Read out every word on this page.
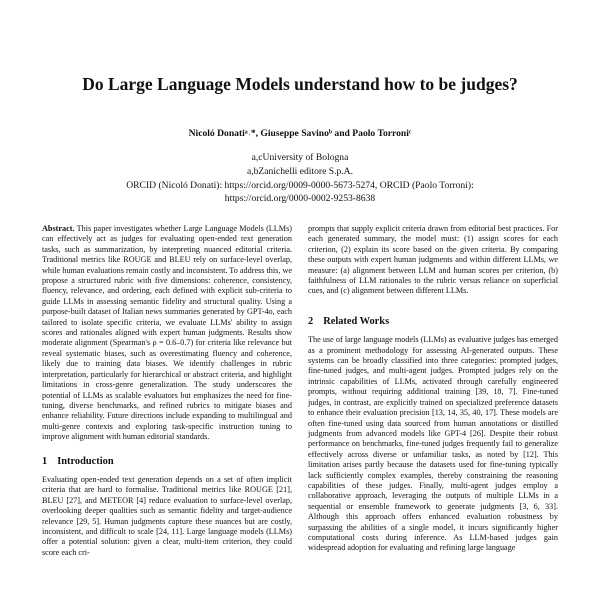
Do Large Language Models understand how to be judges?
Nicoló Donatiᵃ˒*, Giuseppe Savinoᵇ and Paolo Torroniᶜ
a,cUniversity of Bologna
a,bZanichelli editore S.p.A.
ORCID (Nicoló Donati): https://orcid.org/0009-0000-5673-5274, ORCID (Paolo Torroni):
https://orcid.org/0000-0002-9253-8638

Abstract. This paper investigates whether Large Language Models (LLMs) can effectively act as judges for evaluating open-ended text generation tasks, such as summarization, by interpreting nuanced editorial criteria. Traditional metrics like ROUGE and BLEU rely on surface-level overlap, while human evaluations remain costly and inconsistent. To address this, we propose a structured rubric with five dimensions: coherence, consistency, fluency, relevance, and ordering, each defined with explicit sub-criteria to guide LLMs in assessing semantic fidelity and structural quality. Using a purpose-built dataset of Italian news summaries generated by GPT-4o, each tailored to isolate specific criteria, we evaluate LLMs' ability to assign scores and rationales aligned with expert human judgments. Results show moderate alignment (Spearman's ρ = 0.6–0.7) for criteria like relevance but reveal systematic biases, such as overestimating fluency and coherence, likely due to training data biases. We identify challenges in rubric interpretation, particularly for hierarchical or abstract criteria, and highlight limitations in cross-genre generalization. The study underscores the potential of LLMs as scalable evaluators but emphasizes the need for fine-tuning, diverse benchmarks, and refined rubrics to mitigate biases and enhance reliability. Future directions include expanding to multilingual and multi-genre contexts and exploring task-specific instruction tuning to improve alignment with human editorial standards.

1 Introduction

Evaluating open-ended text generation depends on a set of often implicit criteria that are hard to formalise. Traditional metrics like ROUGE [21], BLEU [27], and METEOR [4] reduce evaluation to surface-level overlap, overlooking deeper qualities such as semantic fidelity and target-audience relevance [29, 5]. Human judgments capture these nuances but are costly, inconsistent, and difficult to scale [24, 11]. Large language models (LLMs) offer a potential solution: given a clear, multi-item criterion, they could score each cri-

prompts that supply explicit criteria drawn from editorial best practices. For each generated summary, the model must: (1) assign scores for each criterion, (2) explain its score based on the given criteria. By comparing these outputs with expert human judgments and within different LLMs, we measure: (a) alignment between LLM and human scores per criterion, (b) faithfulness of LLM rationales to the rubric versus reliance on superficial cues, and (c) alignment between different LLMs.

2 Related Works

The use of large language models (LLMs) as evaluative judges has emerged as a prominent methodology for assessing AI-generated outputs. These systems can be broadly classified into three categories: prompted judges, fine-tuned judges, and multi-agent judges. Prompted judges rely on the intrinsic capabilities of LLMs, activated through carefully engineered prompts, without requiring additional training [39, 18, 7]. Fine-tuned judges, in contrast, are explicitly trained on specialized preference datasets to enhance their evaluation precision [13, 14, 35, 40, 17]. These models are often fine-tuned using data sourced from human annotations or distilled judgments from advanced models like GPT-4 [26]. Despite their robust performance on benchmarks, fine-tuned judges frequently fail to generalize effectively across diverse or unfamiliar tasks, as noted by [12]. This limitation arises partly because the datasets used for fine-tuning typically lack sufficiently complex examples, thereby constraining the reasoning capabilities of these judges. Finally, multi-agent judges employ a collaborative approach, leveraging the outputs of multiple LLMs in a sequential or ensemble framework to generate judgments [3, 6, 33]. Although this approach offers enhanced evaluation robustness by surpassing the abilities of a single model, it incurs significantly higher computational costs during inference. As LLM-based judges gain widespread adoption for evaluating and refining large language
